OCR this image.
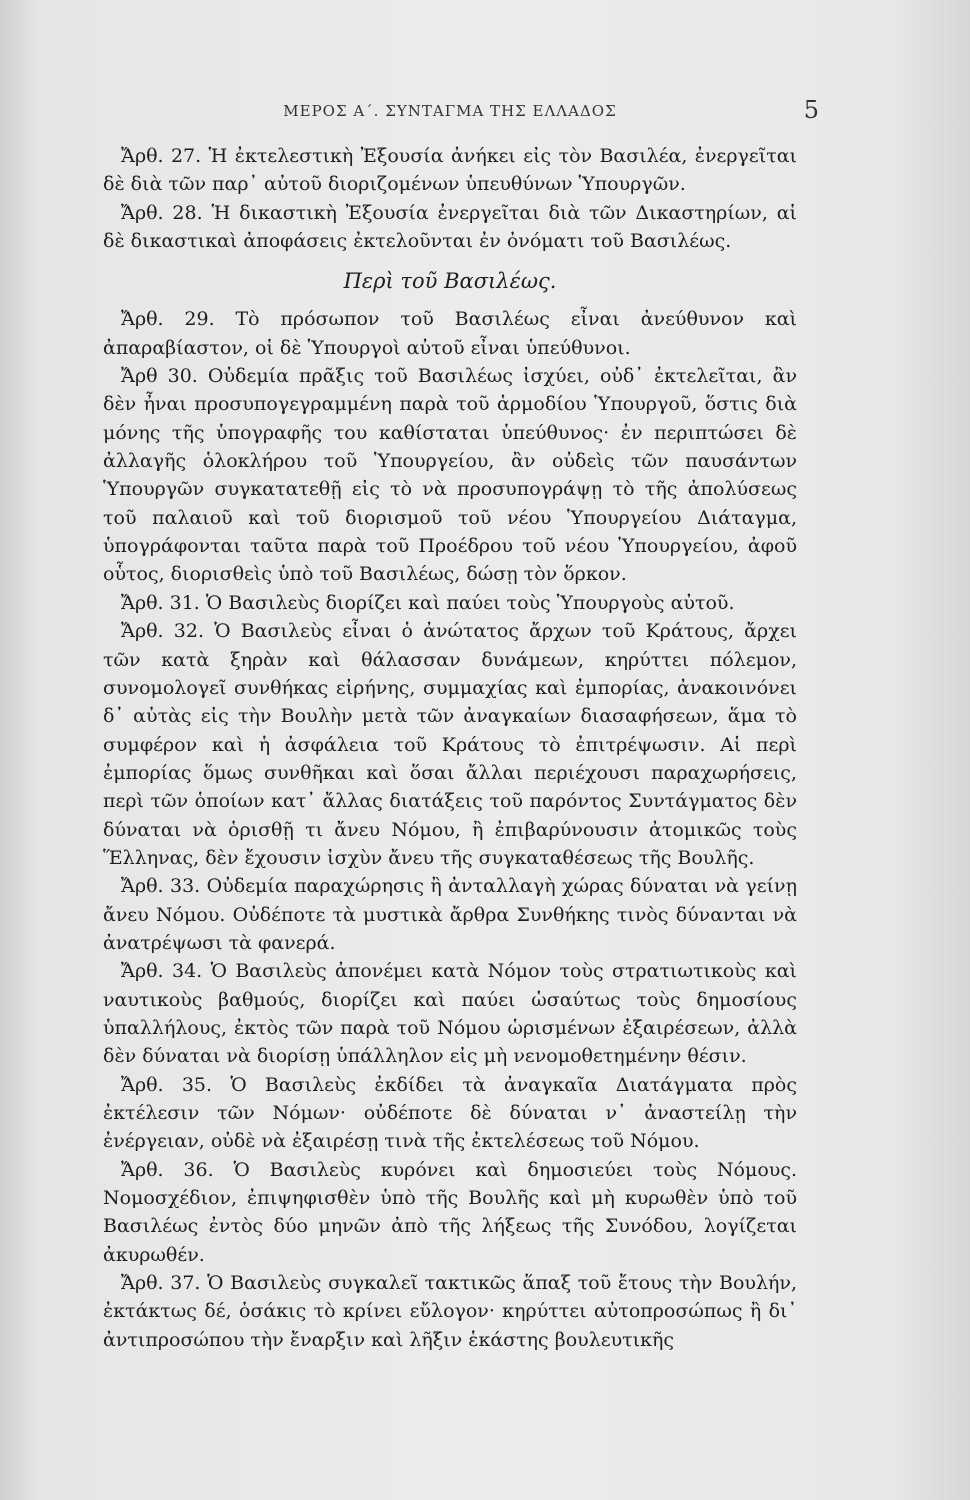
ΜΕΡΟΣ Α΄. ΣΥΝΤΑΓΜΑ ΤΗΣ ΕΛΛΑΔΟΣ	5

Ἄρθ. 27. Ἡ ἐκτελεστικὴ Ἐξουσία ἀνήκει εἰς τὸν Βασιλέα, ἐνεργεῖται δὲ διὰ τῶν παρ᾽ αὐτοῦ διοριζομένων ὑπευθύνων Ὑπουργῶν.

Ἄρθ. 28. Ἡ δικαστικὴ Ἐξουσία ἐνεργεῖται διὰ τῶν Δικαστηρίων, αἱ δὲ δικαστικαὶ ἀποφάσεις ἐκτελοῦνται ἐν ὀνόματι τοῦ Βασιλέως.

Περὶ τοῦ Βασιλέως.

Ἄρθ. 29. Τὸ πρόσωπον τοῦ Βασιλέως εἶναι ἀνεύθυνον καὶ ἀπαραβίαστον, οἱ δὲ Ὑπουργοὶ αὐτοῦ εἶναι ὑπεύθυνοι.

Ἄρθ 30. Οὐδεμία πρᾶξις τοῦ Βασιλέως ἰσχύει, οὐδ᾽ ἐκτελεῖται, ἂν δὲν ἦναι προσυπογεγραμμένη παρὰ τοῦ ἁρμοδίου Ὑπουργοῦ, ὅστις διὰ μόνης τῆς ὑπογραφῆς του καθίσταται ὑπεύθυνος· ἐν περιπτώσει δὲ ἀλλαγῆς ὁλοκλήρου τοῦ Ὑπουργείου, ἂν οὐδεὶς τῶν παυσάντων Ὑπουργῶν συγκατατεθῇ εἰς τὸ νὰ προσυπογράψῃ τὸ τῆς ἀπολύσεως τοῦ παλαιοῦ καὶ τοῦ διορισμοῦ τοῦ νέου Ὑπουργείου Διάταγμα, ὑπογράφονται ταῦτα παρὰ τοῦ Προέδρου τοῦ νέου Ὑπουργείου, ἀφοῦ οὗτος, διορισθεὶς ὑπὸ τοῦ Βασιλέως, δώσῃ τὸν ὅρκον.

Ἄρθ. 31. Ὁ Βασιλεὺς διορίζει καὶ παύει τοὺς Ὑπουργοὺς αὐτοῦ.

Ἄρθ. 32. Ὁ Βασιλεὺς εἶναι ὁ ἀνώτατος ἄρχων τοῦ Κράτους, ἄρχει τῶν κατὰ ξηρὰν καὶ θάλασσαν δυνάμεων, κηρύττει πόλεμον, συνομολογεῖ συνθήκας εἰρήνης, συμμαχίας καὶ ἐμπορίας, ἀνακοινόνει δ᾽ αὐτὰς εἰς τὴν Βουλὴν μετὰ τῶν ἀναγκαίων διασαφήσεων, ἅμα τὸ συμφέρον καὶ ἡ ἀσφάλεια τοῦ Κράτους τὸ ἐπιτρέψωσιν. Αἱ περὶ ἐμπορίας ὅμως συνθῆκαι καὶ ὅσαι ἄλλαι περιέχουσι παραχωρήσεις, περὶ τῶν ὁποίων κατ᾽ ἄλλας διατάξεις τοῦ παρόντος Συντάγματος δὲν δύναται νὰ ὁρισθῇ τι ἄνευ Νόμου, ἢ ἐπιβαρύνουσιν ἀτομικῶς τοὺς Ἕλληνας, δὲν ἔχουσιν ἰσχὺν ἄνευ τῆς συγκαταθέσεως τῆς Βουλῆς.

Ἄρθ. 33. Οὐδεμία παραχώρησις ἢ ἀνταλλαγὴ χώρας δύναται νὰ γείνῃ ἄνευ Νόμου. Οὐδέποτε τὰ μυστικὰ ἄρθρα Συνθήκης τινὸς δύνανται νὰ ἀνατρέψωσι τὰ φανερά.

Ἄρθ. 34. Ὁ Βασιλεὺς ἀπονέμει κατὰ Νόμον τοὺς στρατιωτικοὺς καὶ ναυτικοὺς βαθμούς, διορίζει καὶ παύει ὡσαύτως τοὺς δημοσίους ὑπαλλήλους, ἐκτὸς τῶν παρὰ τοῦ Νόμου ὡρισμένων ἐξαιρέσεων, ἀλλὰ δὲν δύναται νὰ διορίσῃ ὑπάλληλον εἰς μὴ νενομοθετημένην θέσιν.

Ἄρθ. 35. Ὁ Βασιλεὺς ἐκδίδει τὰ ἀναγκαῖα Διατάγματα πρὸς ἐκτέλεσιν τῶν Νόμων· οὐδέποτε δὲ δύναται ν᾽ ἀναστείλῃ τὴν ἐνέργειαν, οὐδὲ νὰ ἐξαιρέσῃ τινὰ τῆς ἐκτελέσεως τοῦ Νόμου.

Ἄρθ. 36. Ὁ Βασιλεὺς κυρόνει καὶ δημοσιεύει τοὺς Νόμους. Νομοσχέδιον, ἐπιψηφισθὲν ὑπὸ τῆς Βουλῆς καὶ μὴ κυρωθὲν ὑπὸ τοῦ Βασιλέως ἐντὸς δύο μηνῶν ἀπὸ τῆς λήξεως τῆς Συνόδου, λογίζεται ἀκυρωθέν.

Ἄρθ. 37. Ὁ Βασιλεὺς συγκαλεῖ τακτικῶς ἅπαξ τοῦ ἔτους τὴν Βουλήν, ἐκτάκτως δέ, ὁσάκις τὸ κρίνει εὔλογον· κηρύττει αὐτοπροσώπως ἢ δι᾽ ἀντιπροσώπου τὴν ἔναρξιν καὶ λῆξιν ἑκάστης βουλευτικῆς
